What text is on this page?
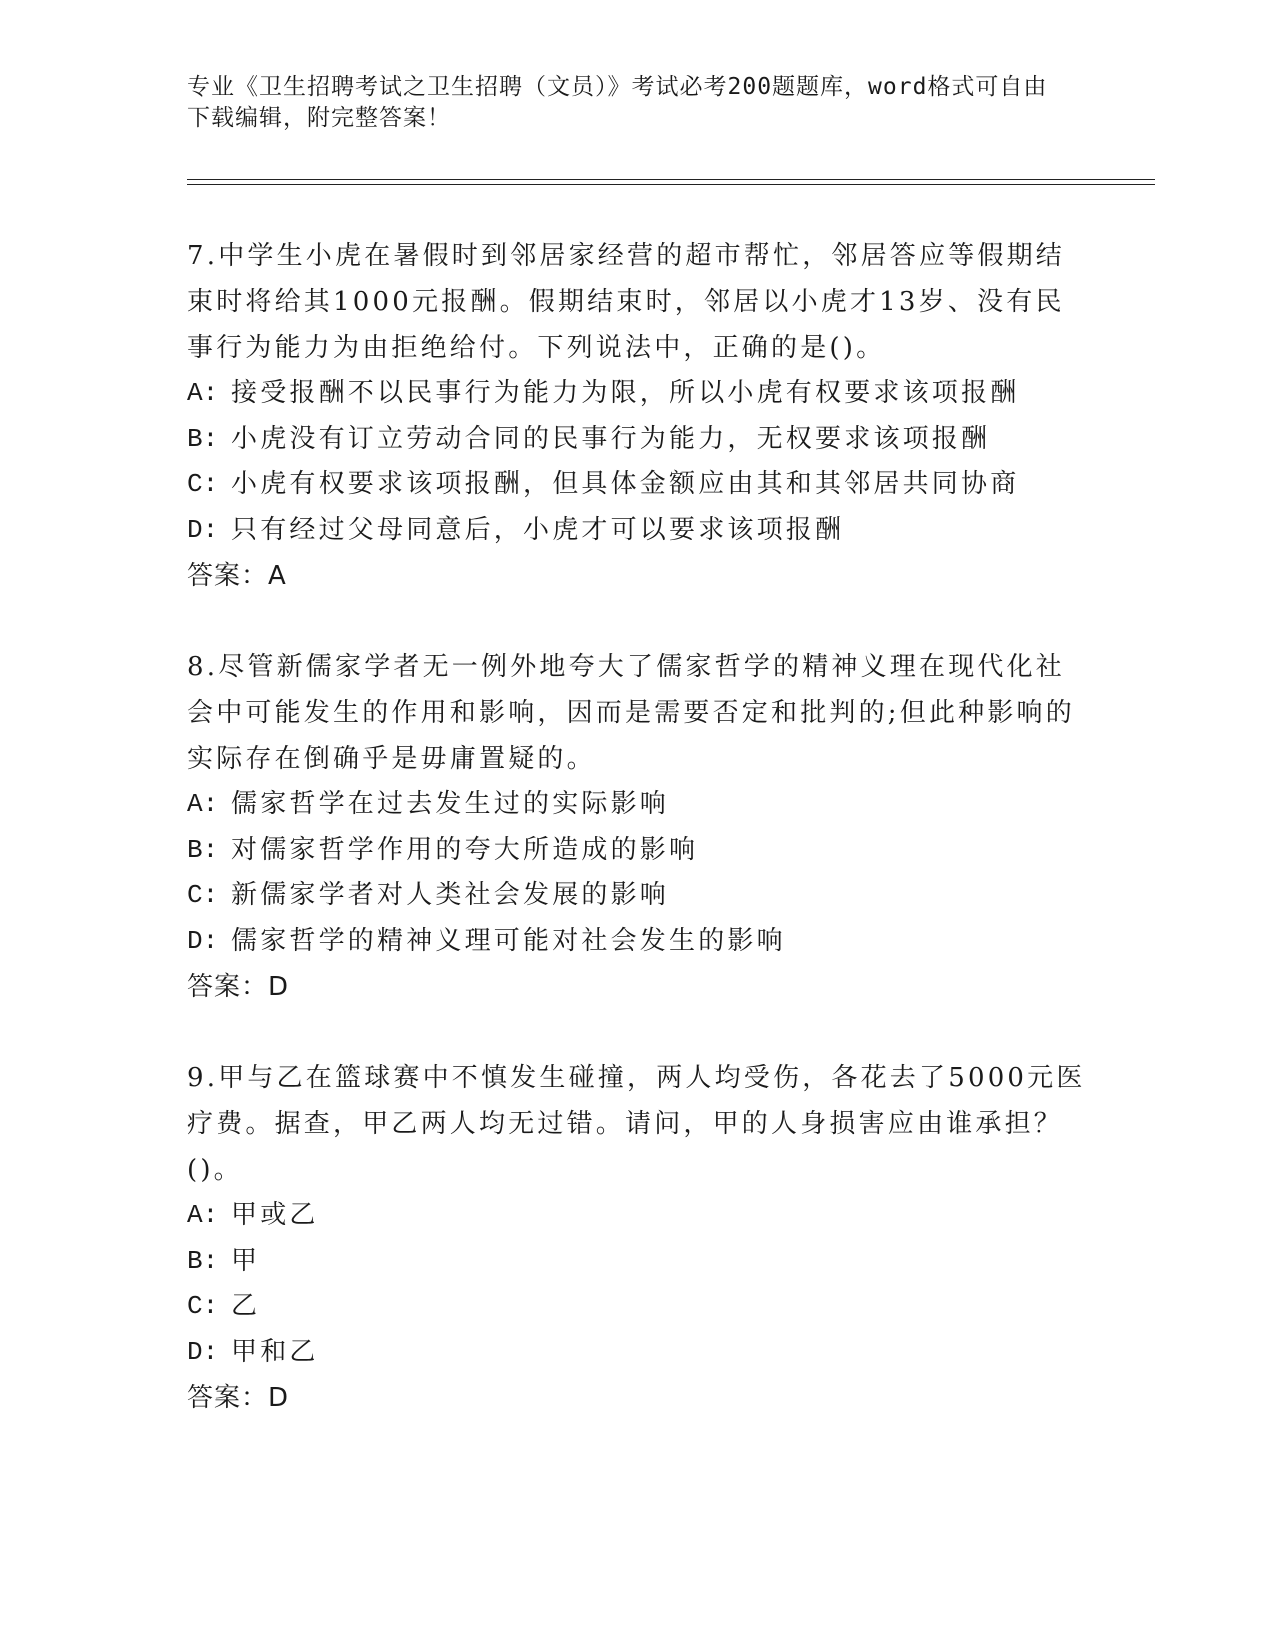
专业《卫生招聘考试之卫生招聘（文员）》考试必考200题题库，word格式可自由下载编辑，附完整答案！

7.中学生小虎在暑假时到邻居家经营的超市帮忙，邻居答应等假期结束时将给其1000元报酬。假期结束时，邻居以小虎才13岁、没有民事行为能力为由拒绝给付。下列说法中，正确的是()。

A: 接受报酬不以民事行为能力为限，所以小虎有权要求该项报酬

B: 小虎没有订立劳动合同的民事行为能力，无权要求该项报酬

C: 小虎有权要求该项报酬，但具体金额应由其和其邻居共同协商

D: 只有经过父母同意后，小虎才可以要求该项报酬

答案：A

8.尽管新儒家学者无一例外地夸大了儒家哲学的精神义理在现代化社会中可能发生的作用和影响，因而是需要否定和批判的;但此种影响的实际存在倒确乎是毋庸置疑的。

A: 儒家哲学在过去发生过的实际影响

B: 对儒家哲学作用的夸大所造成的影响

C: 新儒家学者对人类社会发展的影响

D: 儒家哲学的精神义理可能对社会发生的影响

答案：D

9.甲与乙在篮球赛中不慎发生碰撞，两人均受伤，各花去了5000元医疗费。据查，甲乙两人均无过错。请问，甲的人身损害应由谁承担？()。

A: 甲或乙

B: 甲

C: 乙

D: 甲和乙

答案：D
